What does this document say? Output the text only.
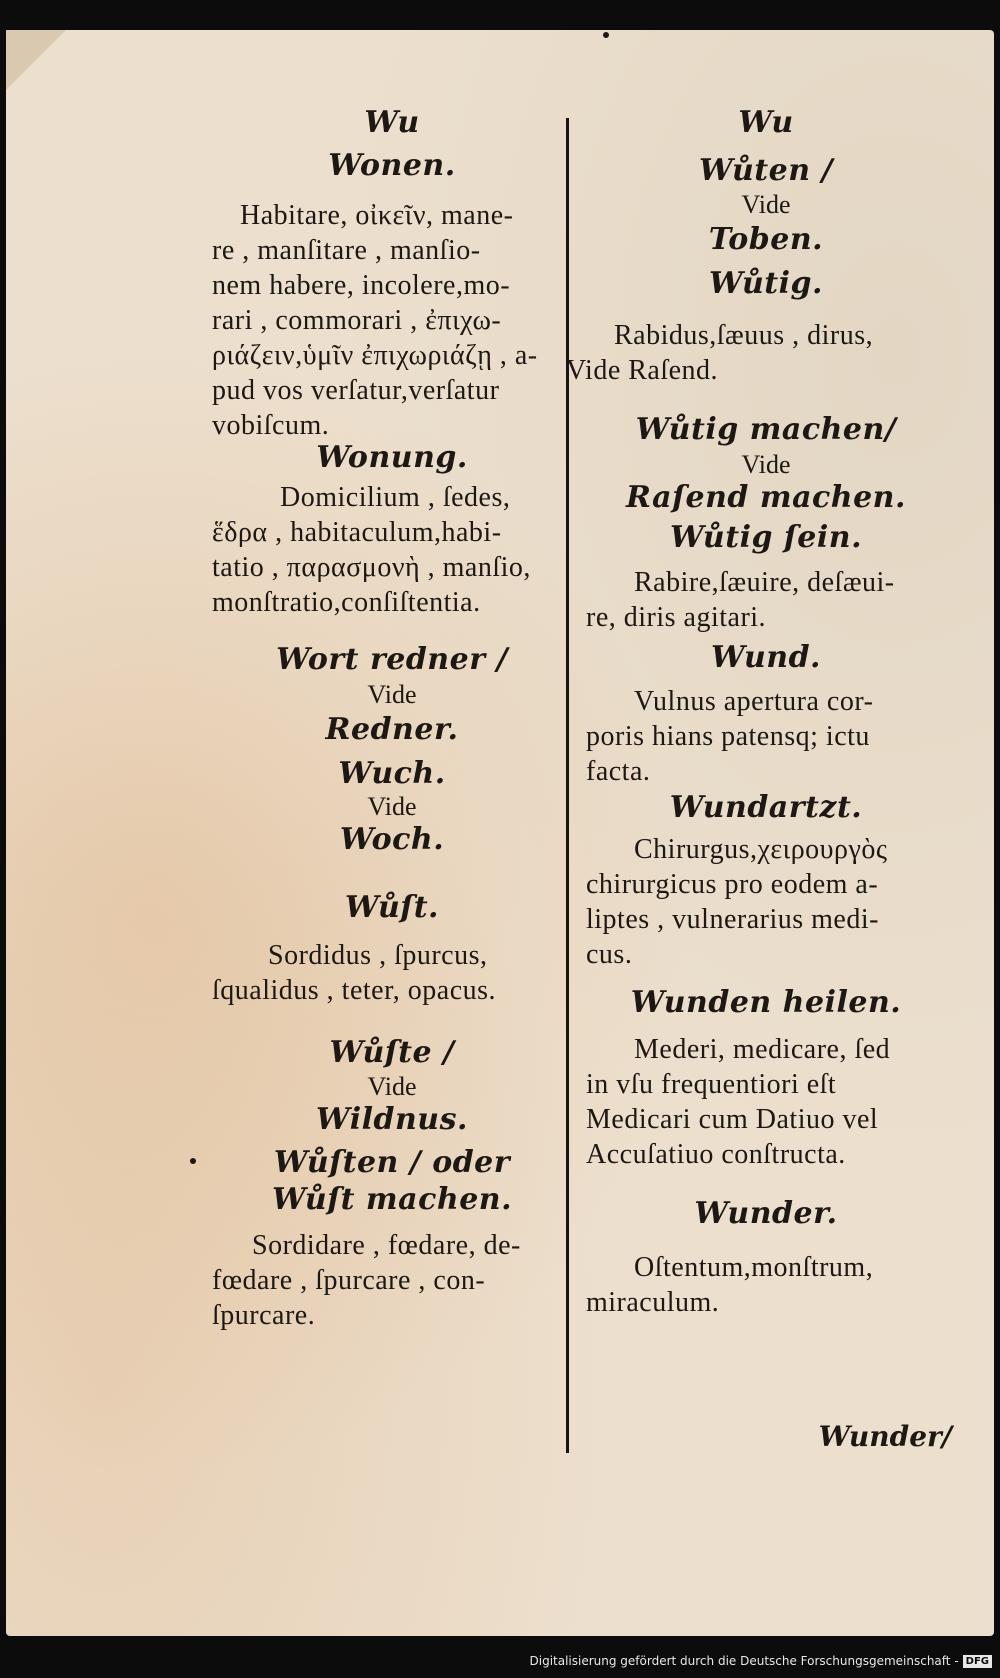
Wu
Wonen.
Habitare, οἰκεῖν, mane-
re , manſitare , manſio-
nem habere, incolere,mo-
rari , commorari , ἐπιχω-
ριάζειν,ὑμῖν ἐπιχωριάζῃ , a-
pud vos verſatur,verſatur
vobiſcum.
Wonung.
Domicilium , ſedes,
ἕδρα , habitaculum,habi-
tatio , παρασμονὴ , manſio,
monſtratio,conſiſtentia.
Wort redner /
Vide
Redner.
Wuch.
Vide
Woch.
Wůſt.
Sordidus , ſpurcus,
ſqualidus , teter, opacus.
Wůſte /
Vide
Wildnus.
Wůſten / oder
Wůſt machen.
Sordidare , fœdare, de-
fœdare , ſpurcare , con-
ſpurcare.
Wu
Wůten /
Vide
Toben.
Wůtig.
Rabidus,ſæuus , dirus,
Vide Raſend.
Wůtig machen/
Vide
Raſend machen.
Wůtig ſein.
Rabire,ſæuire, deſæui-
re, diris agitari.
Wund.
Vulnus apertura cor-
poris hians patensq; ictu
facta.
Wundartzt.
Chirurgus,χειρουργὸς
chirurgicus pro eodem a-
liptes , vulnerarius medi-
cus.
Wunden heilen.
Mederi, medicare, ſed
in vſu frequentiori eſt
Medicari cum Datiuo vel
Accuſatiuo conſtructa.
Wunder.
Oſtentum,monſtrum,
miraculum.
Wunder/
Digitalisierung gefördert durch die Deutsche Forschungsgemeinschaft - DFG
